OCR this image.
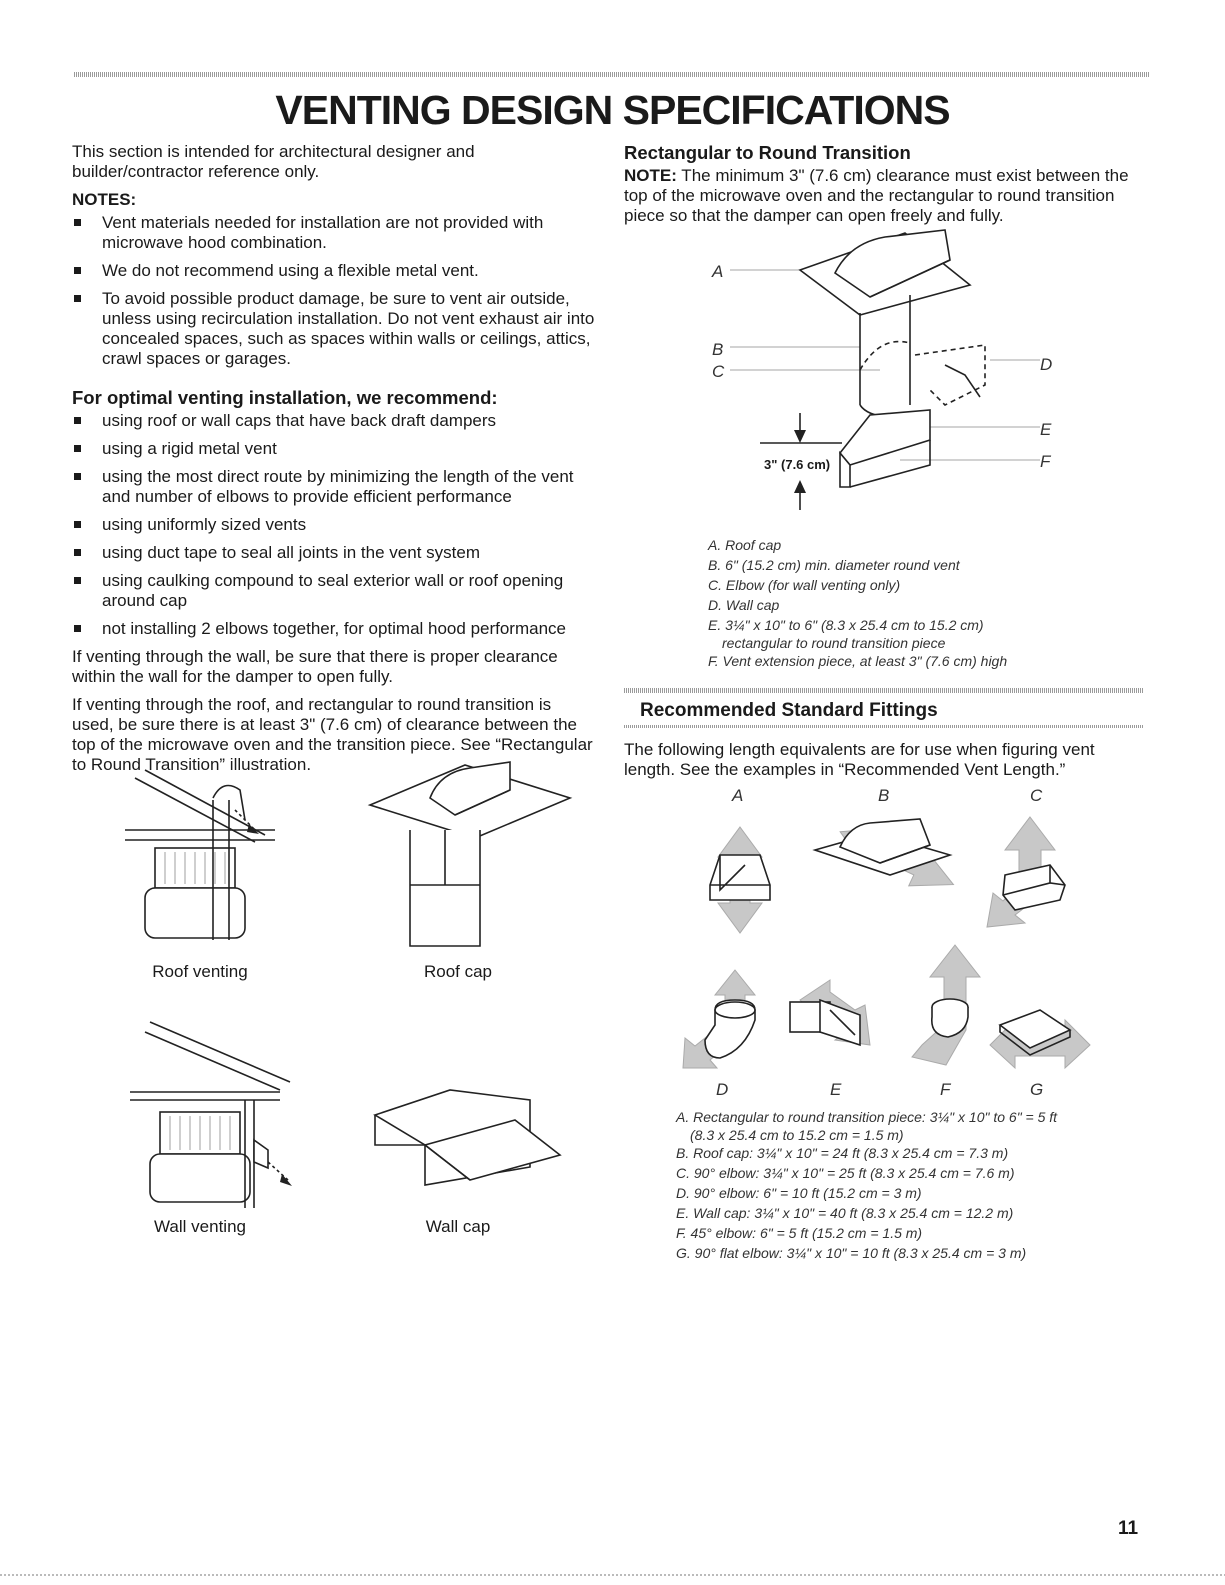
VENTING DESIGN SPECIFICATIONS

This section is intended for architectural designer and builder/contractor reference only.

NOTES:
Vent materials needed for installation are not provided with microwave hood combination.
We do not recommend using a flexible metal vent.
To avoid possible product damage, be sure to vent air outside, unless using recirculation installation. Do not vent exhaust air into concealed spaces, such as spaces within walls or ceilings, attics, crawl spaces or garages.
For optimal venting installation, we recommend:
using roof or wall caps that have back draft dampers
using a rigid metal vent
using the most direct route by minimizing the length of the vent and number of elbows to provide efficient performance
using uniformly sized vents
using duct tape to seal all joints in the vent system
using caulking compound to seal exterior wall or roof opening around cap
not installing 2 elbows together, for optimal hood performance

If venting through the wall, be sure that there is proper clearance within the wall for the damper to open fully.

If venting through the roof, and rectangular to round transition is used, be sure there is at least 3" (7.6 cm) of clearance between the top of the microwave oven and the transition piece. See “Rectangular to Round Transition” illustration.

Roof venting	Roof cap
Wall venting	Wall cap
Rectangular to Round Transition

NOTE: The minimum 3" (7.6 cm) clearance must exist between the top of the microwave oven and the rectangular to round transition piece so that the damper can open freely and fully.

A
B
C	D
E
F
3" (7.6 cm)
A. Roof cap
B. 6" (15.2 cm) min. diameter round vent
C. Elbow (for wall venting only)
D. Wall cap
E. 3¼" x 10" to 6" (8.3 x 25.4 cm to 15.2 cm)
rectangular to round transition piece
F. Vent extension piece, at least 3" (7.6 cm) high
Recommended Standard Fittings
The following length equivalents are for use when figuring vent length. See the examples in “Recommended Vent Length.”
A	B	C
D	E	F	G
A. Rectangular to round transition piece: 3¼" x 10" to 6" = 5 ft
(8.3 x 25.4 cm to 15.2 cm = 1.5 m)
B. Roof cap: 3¼" x 10" = 24 ft (8.3 x 25.4 cm = 7.3 m)
C. 90° elbow: 3¼" x 10" = 25 ft (8.3 x 25.4 cm = 7.6 m)
D. 90° elbow: 6" = 10 ft (15.2 cm = 3 m)
E. Wall cap: 3¼" x 10" = 40 ft (8.3 x 25.4 cm = 12.2 m)
F. 45° elbow: 6" = 5 ft (15.2 cm = 1.5 m)
G. 90° flat elbow: 3¼" x 10" = 10 ft (8.3 x 25.4 cm = 3 m)
11
